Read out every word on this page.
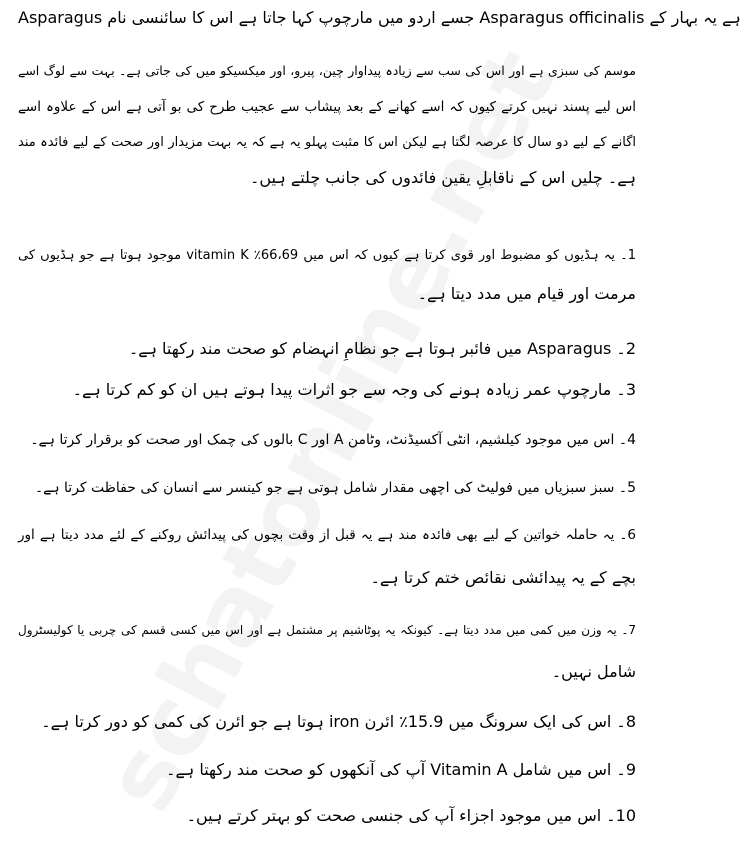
Asparagus جسے اردو میں مارچوپ کہا جاتا ہے اس کا سائنسی نام Asparagus officinalis ہے یہ بہار کے
موسم کی سبزی ہے اور اس کی سب سے زیادہ پیداوار چین، پیرو، اور میکسیکو میں کی جاتی ہے۔ بہت سے لوگ اسے
اس لیے پسند نہیں کرتے کیوں کہ اسے کھانے کے بعد پیشاب سے عجیب طرح کی بو آتی ہے اس کے علاوہ اسے
اگانے کے لیے دو سال کا عرصہ لگتا ہے لیکن اس کا مثبت پہلو یہ ہے کہ یہ بہت مزیدار اور صحت کے لیے فائدہ مند
ہے۔ چلیں اس کے ناقابلِ یقین فائدوں کی جانب چلتے ہیں۔
1۔ یہ ہڈیوں کو مضبوط اور قوی کرتا ہے کیوں کہ اس میں 66،69٪ vitamin K موجود ہوتا ہے جو ہڈیوں کی
مرمت اور قیام میں مدد دیتا ہے۔
2۔ Asparagus میں فائبر ہوتا ہے جو نظامِ انہضام کو صحت مند رکھتا ہے۔
3۔ مارچوپ عمر زیادہ ہونے کی وجہ سے جو اثرات پیدا ہوتے ہیں ان کو کم کرتا ہے۔
4۔ اس میں موجود کیلشیم، انٹی آکسیڈنٹ، وٹامن A اور C بالوں کی چمک اور صحت کو برقرار کرتا ہے۔
5۔ سبز سبزیاں میں فولیٹ کی اچھی مقدار شامل ہوتی ہے جو کینسر سے انسان کی حفاظت کرتا ہے۔
6۔ یہ حاملہ خواتین کے لیے بھی فائدہ مند ہے یہ قبل از وقت بچوں کی پیدائش روکنے کے لئے مدد دیتا ہے اور
بچے کے یہ پیدائشی نقائص ختم کرتا ہے۔
7۔ یہ وزن میں کمی میں مدد دیتا ہے۔ کیونکہ یہ پوٹاشیم پر مشتمل ہے اور اس میں کسی قسم کی چربی یا کولیسٹرول
شامل نہیں۔
8۔ اس کی ایک سرونگ میں 15.9٪ ائرن iron ہوتا ہے جو ائرن کی کمی کو دور کرتا ہے۔
9۔ اس میں شامل Vitamin A آپ کی آنکھوں کو صحت مند رکھتا ہے۔
10۔ اس میں موجود اجزاء آپ کی جنسی صحت کو بہتر کرتے ہیں۔
